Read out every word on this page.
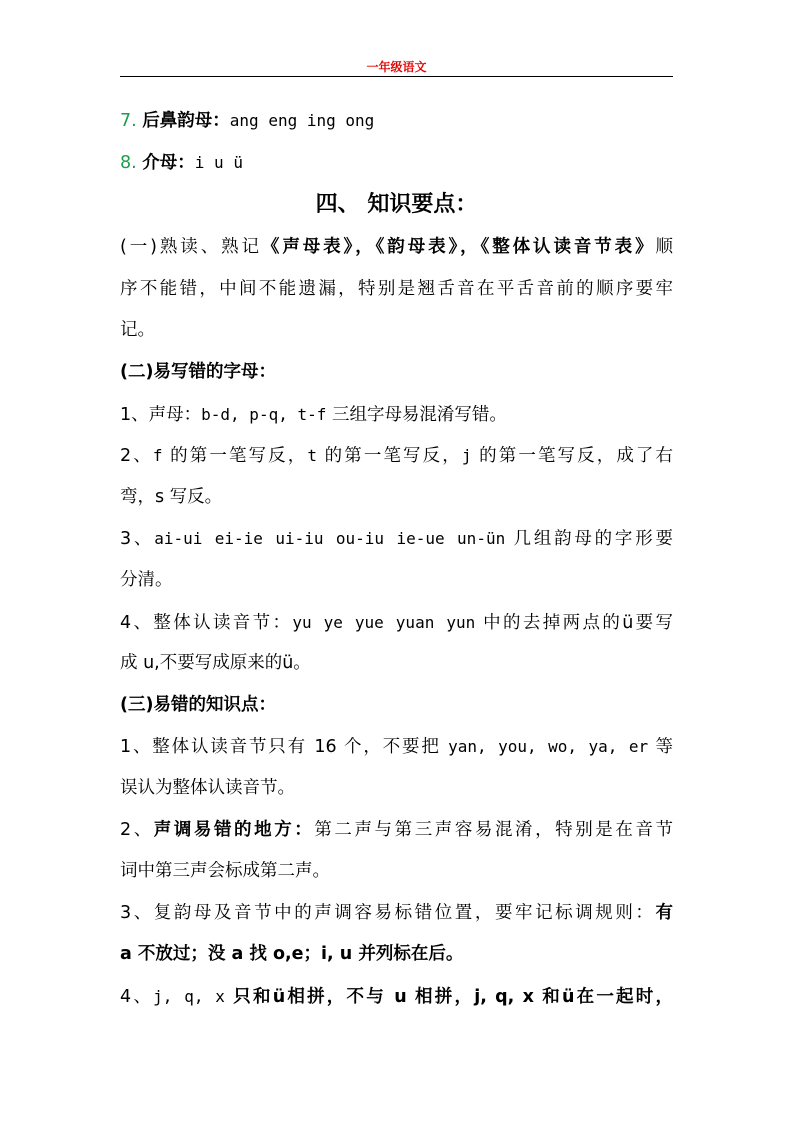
一年级语文
7. 后鼻韵母：ang eng ing ong
8. 介母：i u ü
四、 知识要点：
(一)熟读、熟记《声母表》，《韵母表》，《整体认读音节表》顺
序不能错，中间不能遗漏，特别是翘舌音在平舌音前的顺序要牢
记。
(二)易写错的字母：
1、声母：b-d, p-q, t-f 三组字母易混淆写错。
2、f 的第一笔写反，t 的第一笔写反，j 的第一笔写反，成了右
弯，s 写反。
3、ai-ui ei-ie ui-iu ou-iu ie-ue un-ün 几组韵母的字形要
分清。
4、整体认读音节：yu ye yue yuan yun 中的去掉两点的ü要写
成 u,不要写成原来的ü。
(三)易错的知识点：
1、整体认读音节只有 16 个，不要把 yan, you, wo, ya, er 等
误认为整体认读音节。
2、声调易错的地方：第二声与第三声容易混淆，特别是在音节
词中第三声会标成第二声。
3、复韵母及音节中的声调容易标错位置，要牢记标调规则：有
a 不放过；没 a 找 o,e；i, u 并列标在后。
4、j, q, x 只和ü相拼，不与 u 相拼，j, q, x 和ü在一起时，
